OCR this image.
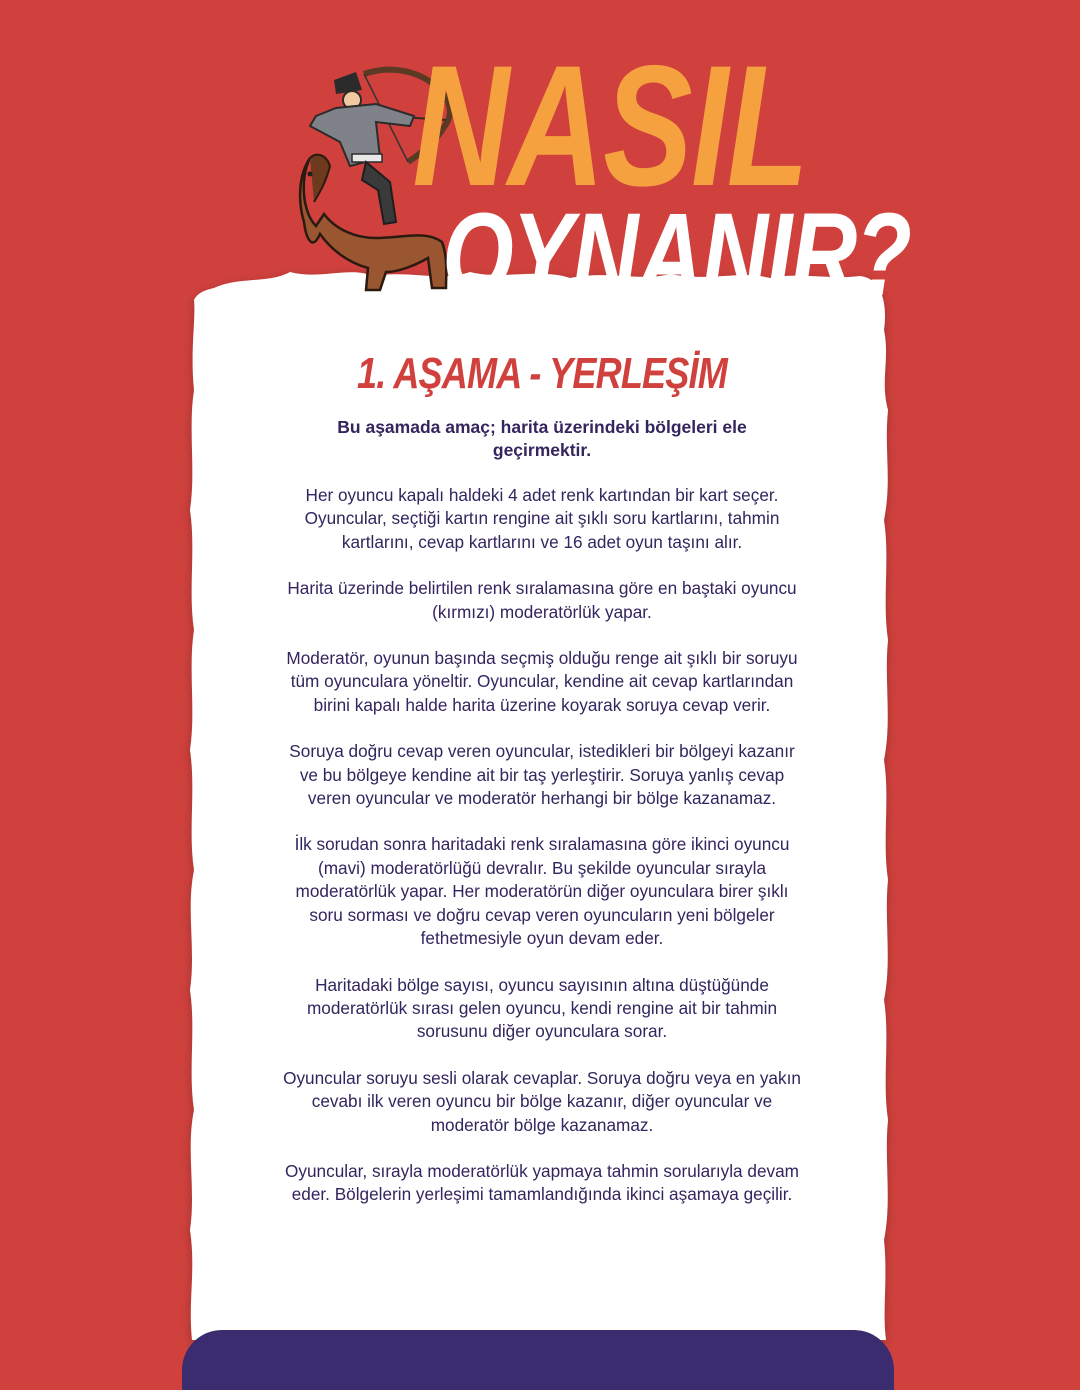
NASIL
OYNANIR?
1. AŞAMA - YERLEŞİM

Bu aşamada amaç; harita üzerindeki bölgeleri ele geçirmektir.

Her oyuncu kapalı haldeki 4 adet renk kartından bir kart seçer. Oyuncular, seçtiği kartın rengine ait şıklı soru kartlarını, tahmin kartlarını, cevap kartlarını ve 16 adet oyun taşını alır.

Harita üzerinde belirtilen renk sıralamasına göre en baştaki oyuncu (kırmızı) moderatörlük yapar.

Moderatör, oyunun başında seçmiş olduğu renge ait şıklı bir soruyu tüm oyunculara yöneltir. Oyuncular, kendine ait cevap kartlarından birini kapalı halde harita üzerine koyarak soruya cevap verir.

Soruya doğru cevap veren oyuncular, istedikleri bir bölgeyi kazanır ve bu bölgeye kendine ait bir taş yerleştirir. Soruya yanlış cevap veren oyuncular ve moderatör herhangi bir bölge kazanamaz.

İlk sorudan sonra haritadaki renk sıralamasına göre ikinci oyuncu (mavi) moderatörlüğü devralır. Bu şekilde oyuncular sırayla moderatörlük yapar. Her moderatörün diğer oyunculara birer şıklı soru sorması ve doğru cevap veren oyuncuların yeni bölgeler fethetmesiyle oyun devam eder.

Haritadaki bölge sayısı, oyuncu sayısının altına düştüğünde moderatörlük sırası gelen oyuncu, kendi rengine ait bir tahmin sorusunu diğer oyunculara sorar.

Oyuncular soruyu sesli olarak cevaplar. Soruya doğru veya en yakın cevabı ilk veren oyuncu bir bölge kazanır, diğer oyuncular ve moderatör bölge kazanamaz.

Oyuncular, sırayla moderatörlük yapmaya tahmin sorularıyla devam eder. Bölgelerin yerleşimi tamamlandığında ikinci aşamaya geçilir.
